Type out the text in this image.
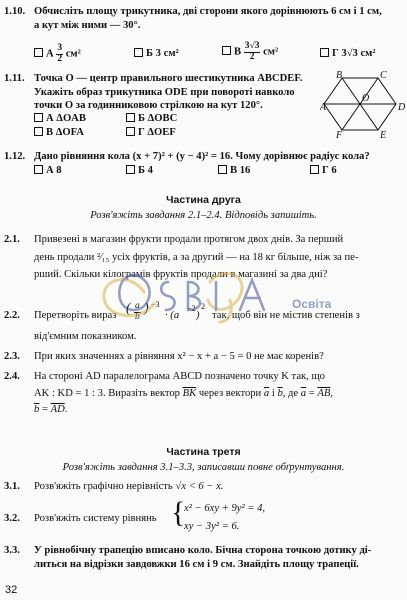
1.10. Обчисліть площу трикутника, дві сторони якого дорівнюють 6 см і 1 см,
а кут між ними — 30°.
А $\frac{3}{2} см^2$	Б 3 см²	В $\frac{3√3}{2} см^2$	Г 3√3 см²
1.11. Точка O — центр правильного шестикутника ABCDEF.
Укажіть образ трикутника ODE при повороті навколо
точки O за годинниковою стрілкою на кут 120°.
А ΔOAB	Б ΔOBC
В ΔOFA	Г ΔOEF
B	C
A	D
F	E
O
1.12. Дано рівняння кола (x + 7)² + (y − 4)² = 16. Чому дорівнює радіус кола?
А 8	Б 4	В 16	Г 6
Частина друга
Розв'яжіть завдання 2.1–2.4. Відповідь запишіть.
2.1. Привезені в магазин фрукти продали протягом двох днів. За перший
день продали ²⁄₁₅ усіх фруктів, а за другий — на 18 кг більше, ніж за пе-
рший. Скільки кілограмів фруктів продали в магазині за два дні?
2.2. Перетворіть вираз ( $\frac{a}{b}$ ) −3
· (a
−2
)
2
так, щоб він не містив степенів з
від'ємним показником.
2.3. При яких значеннях a рівняння x² − x + a − 5 = 0 не має коренів?
2.4. На стороні AD паралелограма ABCD позначено точку K так, що
AK : KD = 1 : 3. Виразіть вектор $\overline{BK}$ через вектори $\overline{a}$ і $\overline{b}$, де $\overline{a} = \overline{AB}$,
$\overline{b} = \overline{AD}$.
Частина третя
Розв'яжіть завдання 3.1–3.3, записавши повне обґрунтування.
3.1. Розв'яжіть графічно нерівність √x < 6 − x.
3.2. Розв'яжіть систему рівнянь {
x² − 6xy + 9y² = 4,
xy − 3y² = 6.
3.3. У рівнобічну трапецію вписано коло. Бічна сторона точкою дотику ді-
литься на відрізки завдовжки 16 см і 9 см. Знайдіть площу трапеції.
32
Освіта
